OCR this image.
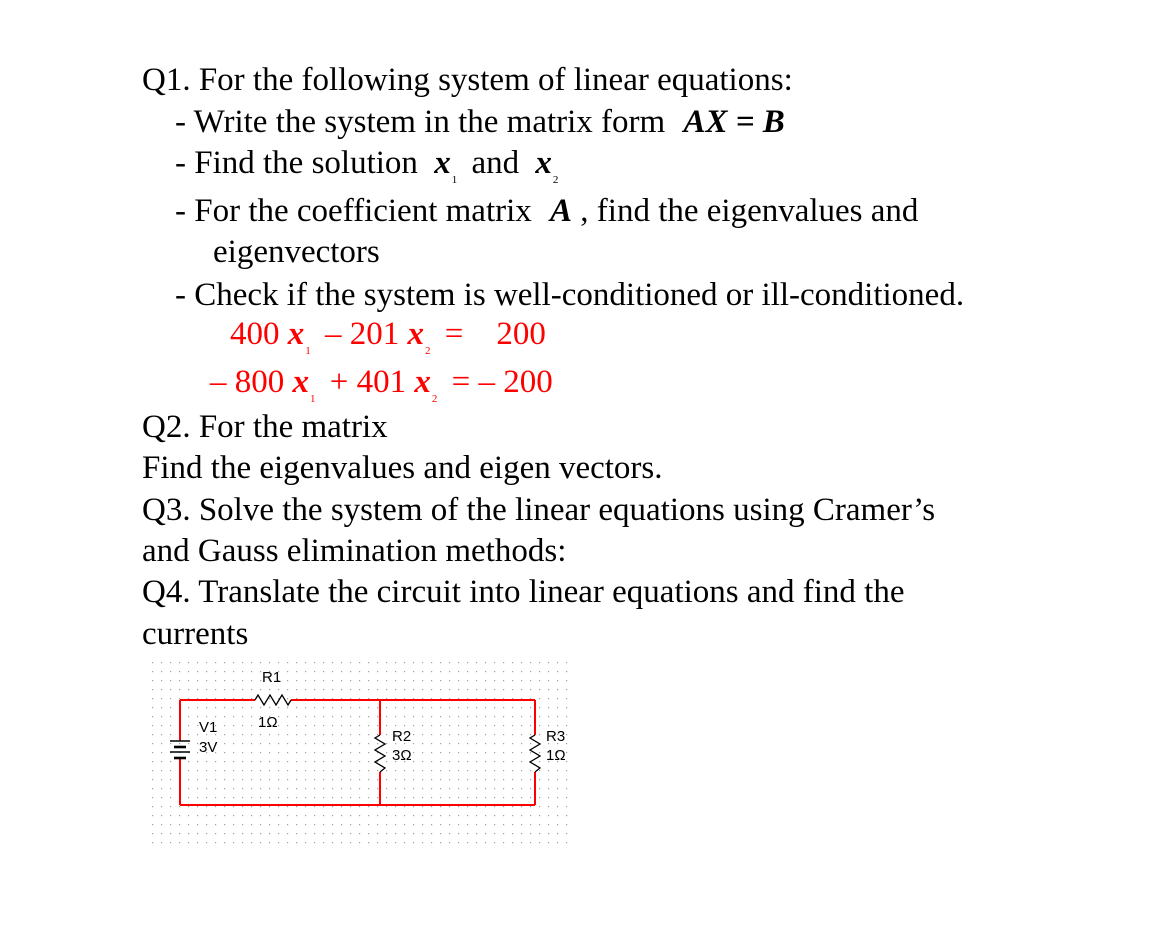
Q1. For the following system of linear equations:
- Write the system in the matrix form AX = B
- Find the solution $x_1$ and $x_2$
- For the coefficient matrix A , find the eigenvalues and
eigenvectors
- Check if the system is well-conditioned or ill-conditioned.
400 $x_1 - 201$ $x_2$ =    200
– 800 $x_1 + 401$ $x_2$ = – 200
Q2. For the matrix
Find the eigenvalues and eigen vectors.
Q3. Solve the system of the linear equations using Cramer’s
and Gauss elimination methods:
Q4. Translate the circuit into linear equations and find the
currents
R1
1Ω
V1
3V
R2
3Ω
R3
1Ω
